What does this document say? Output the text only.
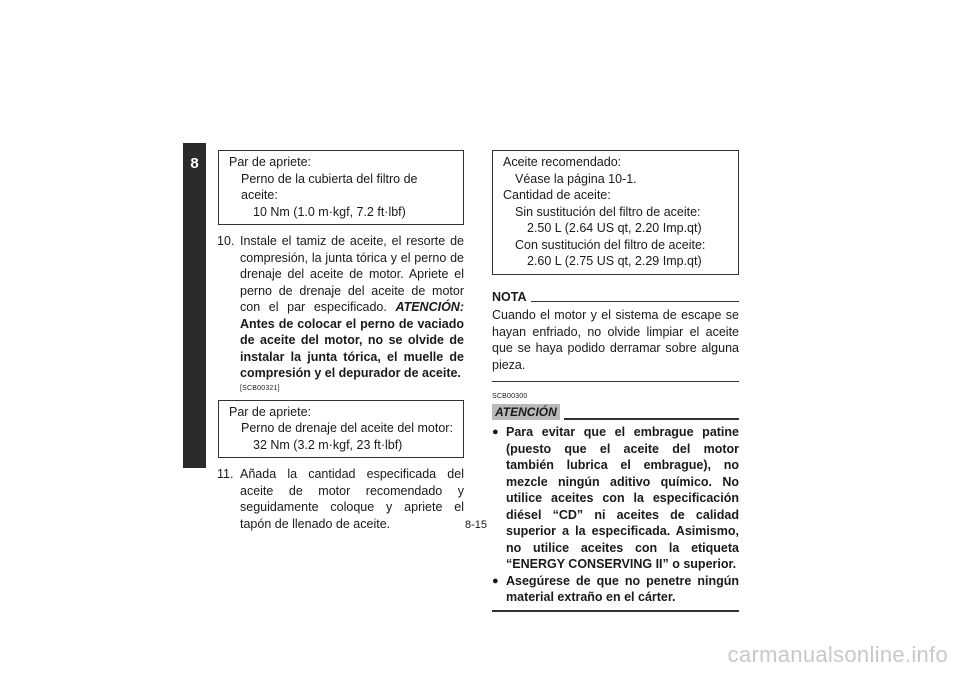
8	Par de apriete:
Perno de la cubierta del filtro de aceite:
10 Nm (1.0 m·kgf, 7.2 ft·lbf)
10. Instale el tamiz de aceite, el resorte de compresión, la junta tórica y el perno de drenaje del aceite de motor. Apriete el perno de drenaje del aceite de motor con el par especificado. ATENCIÓN: Antes de colocar el perno de vaciado de aceite del motor, no se olvide de instalar la junta tórica, el muelle de compresión y el depurador de aceite.
[SCB00321]
Par de apriete:
Perno de drenaje del aceite del motor:
32 Nm (3.2 m·kgf, 23 ft·lbf)
11. Añada la cantidad especificada del aceite de motor recomendado y seguidamente coloque y apriete el tapón de llenado de aceite.
Aceite recomendado:
Véase la página 10-1.
Cantidad de aceite:
Sin sustitución del filtro de aceite:
2.50 L (2.64 US qt, 2.20 Imp.qt)
Con sustitución del filtro de aceite:
2.60 L (2.75 US qt, 2.29 Imp.qt)
NOTA
Cuando el motor y el sistema de escape se hayan enfriado, no olvide limpiar el aceite que se haya podido derramar sobre alguna pieza.
SCB00300
ATENCIÓN
● Para evitar que el embrague patine (puesto que el aceite del motor también lubrica el embrague), no mezcle ningún aditivo químico. No utilice aceites con la especificación diésel “CD” ni aceites de calidad superior a la especificada. Asimismo, no utilice aceites con la etiqueta “ENERGY CONSERVING II” o superior.
● Asegúrese de que no penetre ningún material extraño en el cárter.
8-15
carmanualsonline.info
